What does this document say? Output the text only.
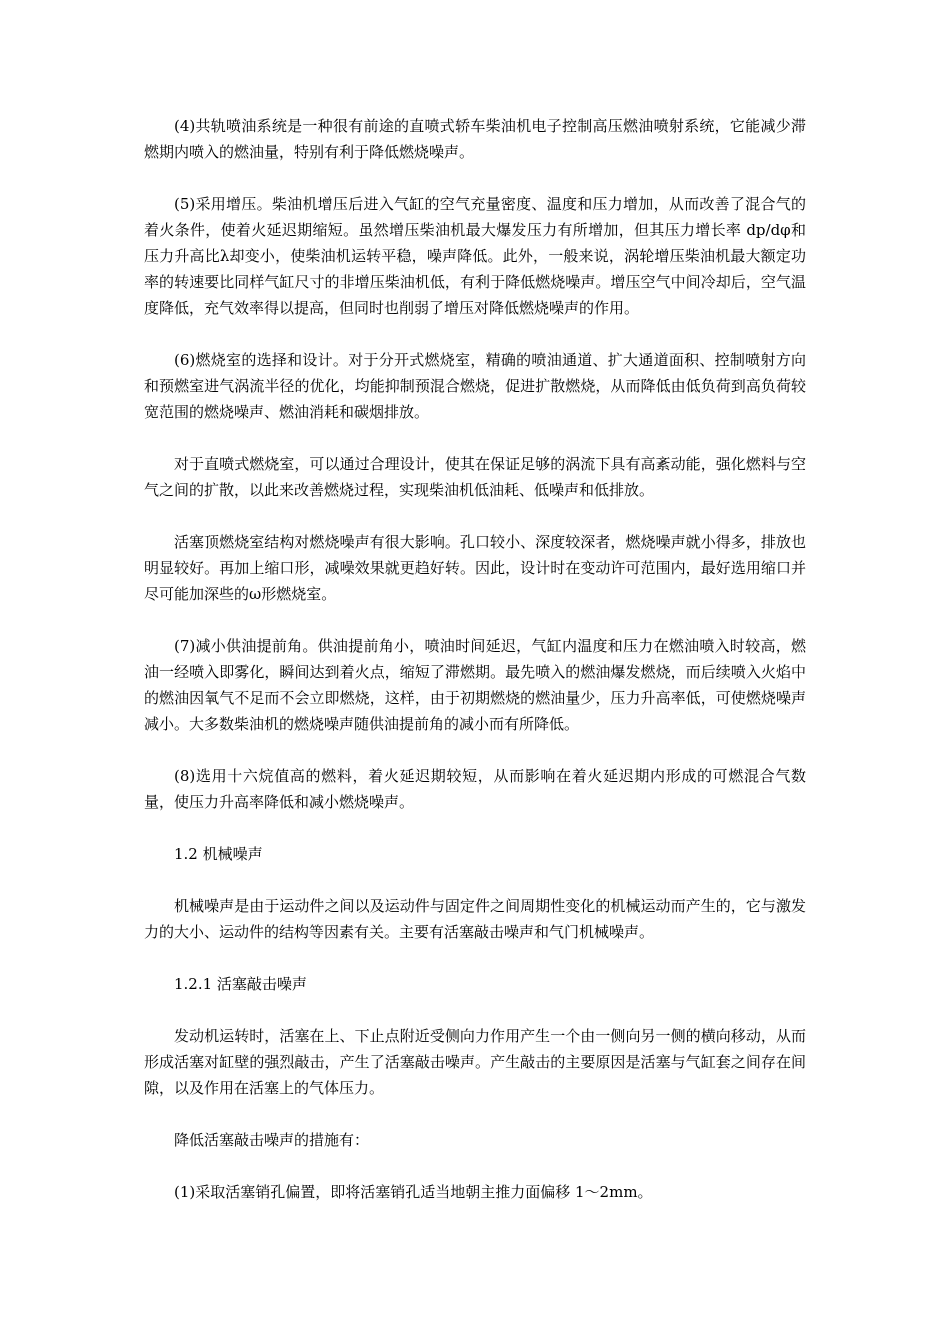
(4)共轨喷油系统是一种很有前途的直喷式轿车柴油机电子控制高压燃油喷射系统，它能减少滞燃期内喷入的燃油量，特别有利于降低燃烧噪声。

(5)采用增压。柴油机增压后进入气缸的空气充量密度、温度和压力增加，从而改善了混合气的着火条件，使着火延迟期缩短。虽然增压柴油机最大爆发压力有所增加，但其压力增长率 dp/dφ和压力升高比λ却变小，使柴油机运转平稳，噪声降低。此外，一般来说，涡轮增压柴油机最大额定功率的转速要比同样气缸尺寸的非增压柴油机低，有利于降低燃烧噪声。增压空气中间冷却后，空气温度降低，充气效率得以提高，但同时也削弱了增压对降低燃烧噪声的作用。

(6)燃烧室的选择和设计。对于分开式燃烧室，精确的喷油通道、扩大通道面积、控制喷射方向和预燃室进气涡流半径的优化，均能抑制预混合燃烧，促进扩散燃烧，从而降低由低负荷到高负荷较宽范围的燃烧噪声、燃油消耗和碳烟排放。

对于直喷式燃烧室，可以通过合理设计，使其在保证足够的涡流下具有高紊动能，强化燃料与空气之间的扩散，以此来改善燃烧过程，实现柴油机低油耗、低噪声和低排放。

活塞顶燃烧室结构对燃烧噪声有很大影响。孔口较小、深度较深者，燃烧噪声就小得多，排放也明显较好。再加上缩口形，减噪效果就更趋好转。因此，设计时在变动许可范围内，最好选用缩口并尽可能加深些的ω形燃烧室。

(7)减小供油提前角。供油提前角小，喷油时间延迟，气缸内温度和压力在燃油喷入时较高，燃油一经喷入即雾化，瞬间达到着火点，缩短了滞燃期。最先喷入的燃油爆发燃烧，而后续喷入火焰中的燃油因氧气不足而不会立即燃烧，这样，由于初期燃烧的燃油量少，压力升高率低，可使燃烧噪声减小。大多数柴油机的燃烧噪声随供油提前角的减小而有所降低。

(8)选用十六烷值高的燃料，着火延迟期较短，从而影响在着火延迟期内形成的可燃混合气数量，使压力升高率降低和减小燃烧噪声。

1.2 机械噪声

机械噪声是由于运动件之间以及运动件与固定件之间周期性变化的机械运动而产生的，它与激发力的大小、运动件的结构等因素有关。主要有活塞敲击噪声和气门机械噪声。

1.2.1 活塞敲击噪声

发动机运转时，活塞在上、下止点附近受侧向力作用产生一个由一侧向另一侧的横向移动，从而形成活塞对缸壁的强烈敲击，产生了活塞敲击噪声。产生敲击的主要原因是活塞与气缸套之间存在间隙，以及作用在活塞上的气体压力。

降低活塞敲击噪声的措施有：

(1)采取活塞销孔偏置，即将活塞销孔适当地朝主推力面偏移 1～2mm。
